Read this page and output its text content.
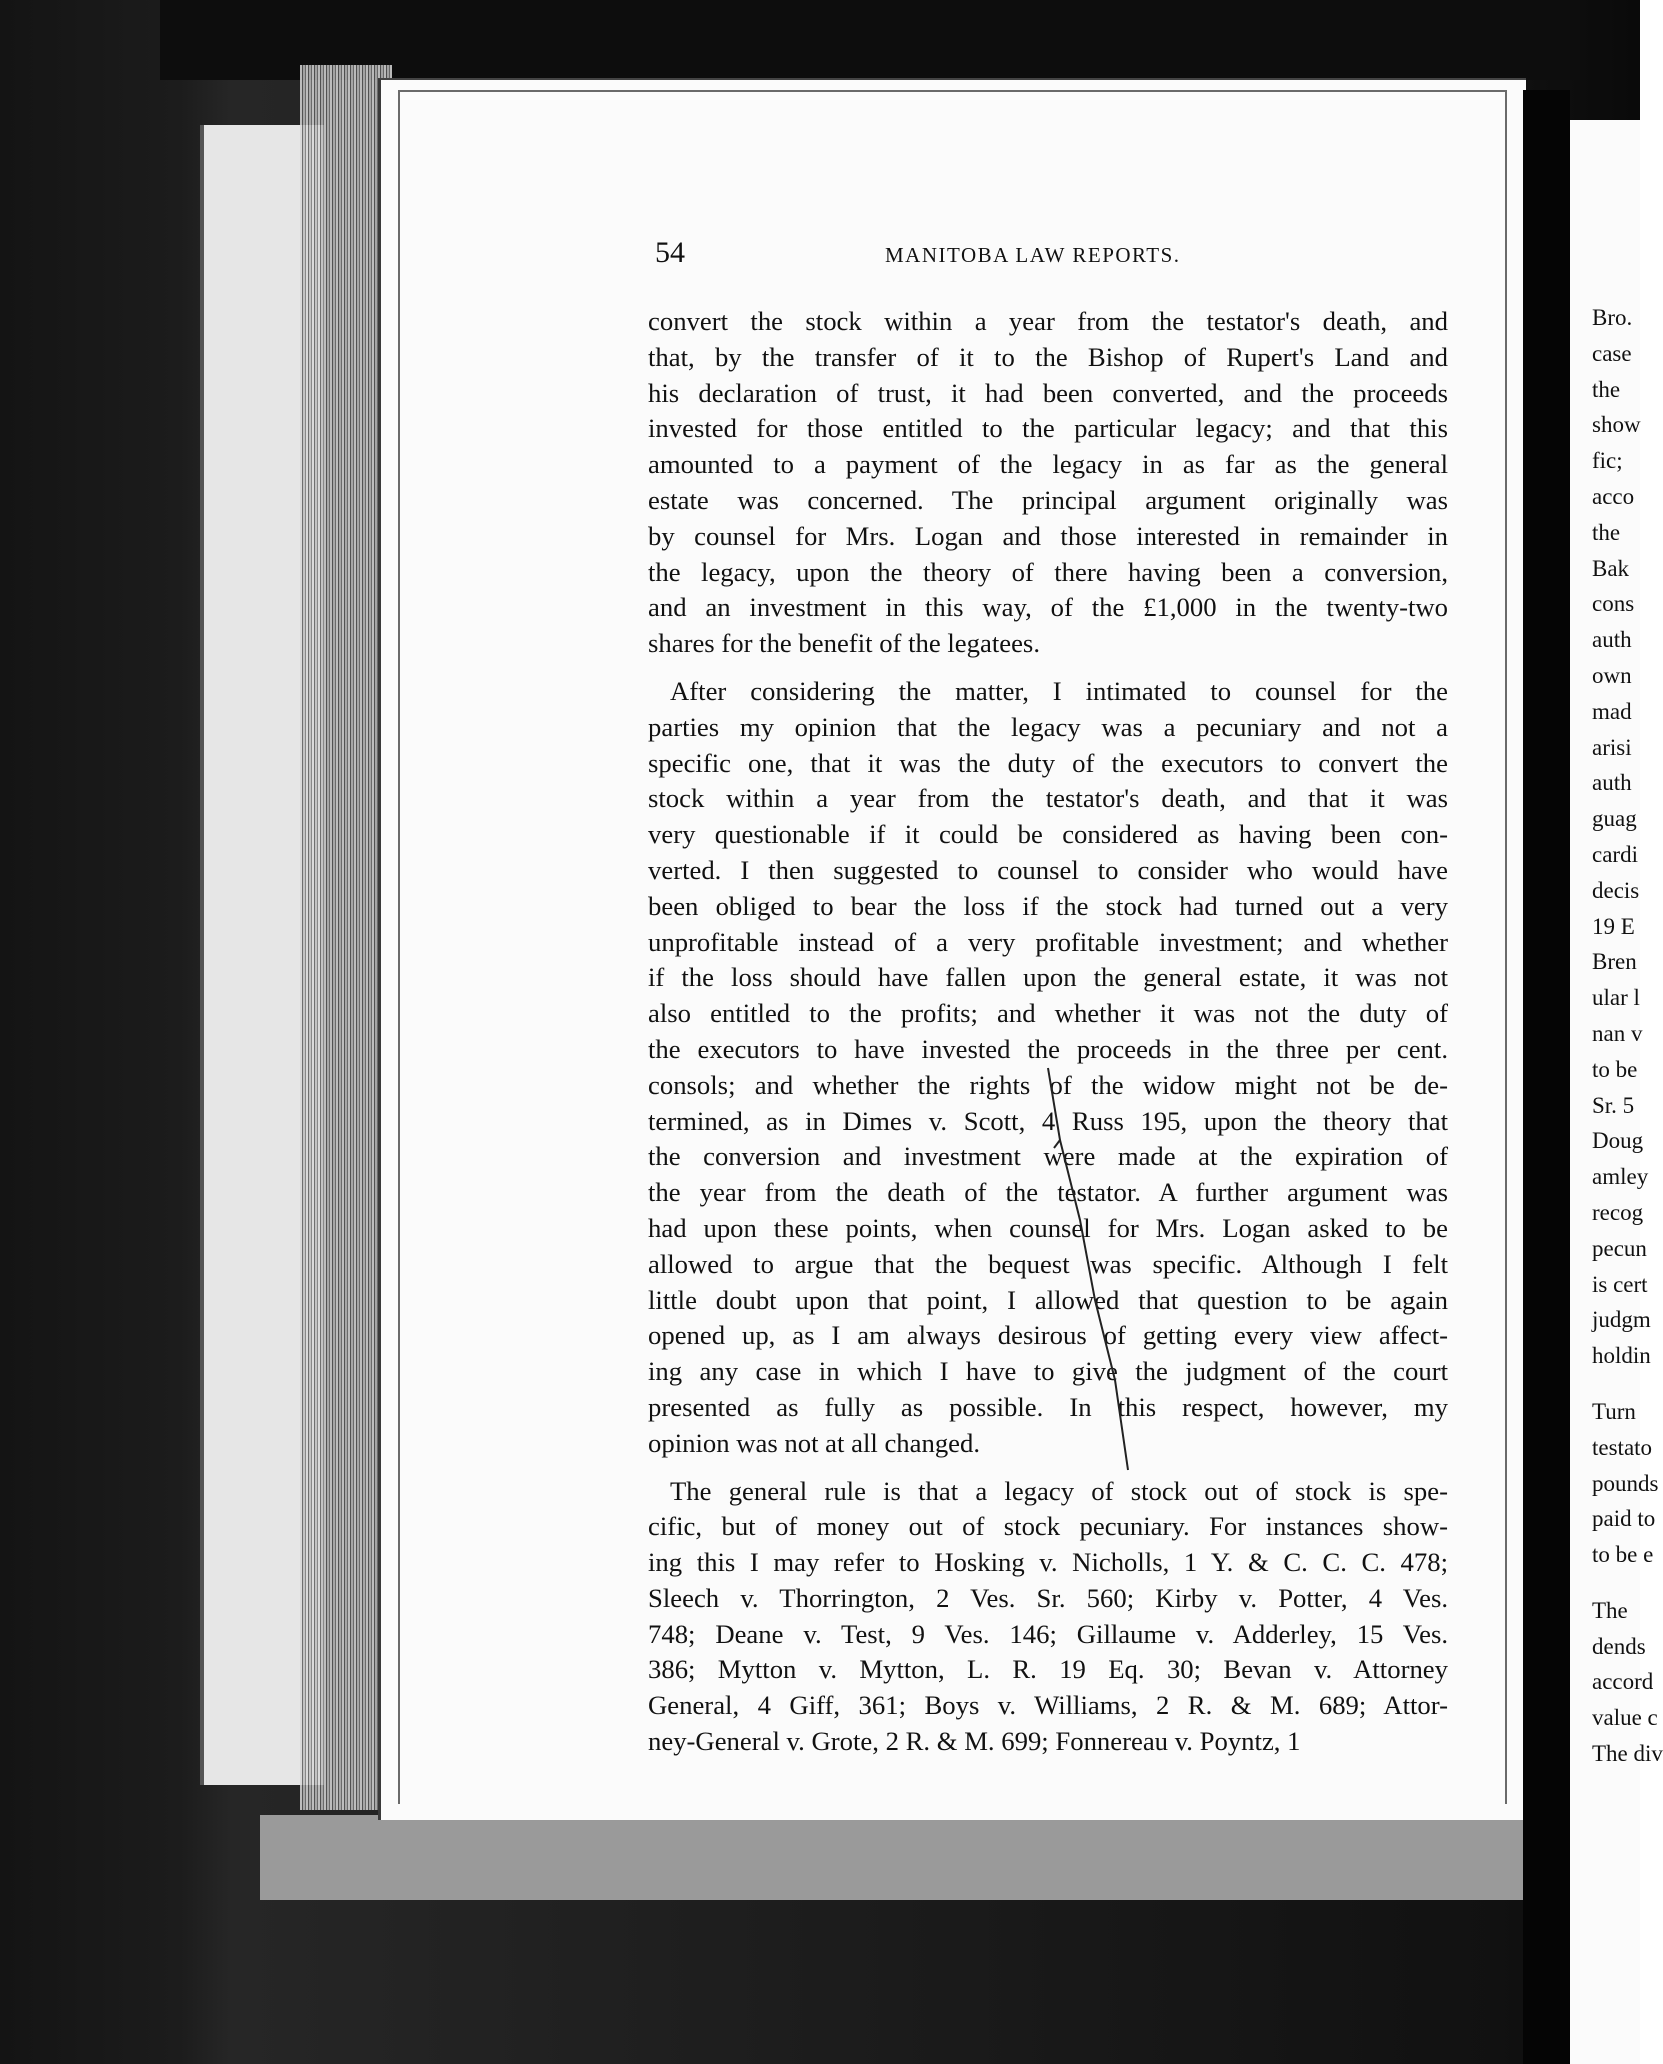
54	MANITOBA LAW REPORTS.
convert the stock within a year from the testator's death, and
that, by the transfer of it to the Bishop of Rupert's Land and
his declaration of trust, it had been converted, and the proceeds
invested for those entitled to the particular legacy; and that this
amounted to a payment of the legacy in as far as the general
estate was concerned. The principal argument originally was
by counsel for Mrs. Logan and those interested in remainder in
the legacy, upon the theory of there having been a conversion,
and an investment in this way, of the £1,000 in the twenty-two
shares for the benefit of the legatees.
After considering the matter, I intimated to counsel for the
parties my opinion that the legacy was a pecuniary and not a
specific one, that it was the duty of the executors to convert the
stock within a year from the testator's death, and that it was
very questionable if it could be considered as having been con-
verted. I then suggested to counsel to consider who would have
been obliged to bear the loss if the stock had turned out a very
unprofitable instead of a very profitable investment; and whether
if the loss should have fallen upon the general estate, it was not
also entitled to the profits; and whether it was not the duty of
the executors to have invested the proceeds in the three per cent.
consols; and whether the rights of the widow might not be de-
termined, as in Dimes v. Scott, 4 Russ 195, upon the theory that
the conversion and investment were made at the expiration of
the year from the death of the testator. A further argument was
had upon these points, when counsel for Mrs. Logan asked to be
allowed to argue that the bequest was specific. Although I felt
little doubt upon that point, I allowed that question to be again
opened up, as I am always desirous of getting every view affect-
ing any case in which I have to give the judgment of the court
presented as fully as possible. In this respect, however, my
opinion was not at all changed.
The general rule is that a legacy of stock out of stock is spe-
cific, but of money out of stock pecuniary. For instances show-
ing this I may refer to Hosking v. Nicholls, 1 Y. & C. C. C. 478;
Sleech v. Thorrington, 2 Ves. Sr. 560; Kirby v. Potter, 4 Ves.
748; Deane v. Test, 9 Ves. 146; Gillaume v. Adderley, 15 Ves.
386; Mytton v. Mytton, L. R. 19 Eq. 30; Bevan v. Attorney
General, 4 Giff, 361; Boys v. Williams, 2 R. & M. 689; Attor-
ney-General v. Grote, 2 R. & M. 699; Fonnereau v. Poyntz, 1
Bro.
case
the
show
fic;
acco
the
Bak
cons
auth
own
mad
arisi
auth
guag
cardi
decis
19 E
Bren
ular l
nan v
to be
Sr. 5
Doug
amley
recog
pecun
is cert
judgm
holdin
Turn
testato
pounds
paid to
to be e
The
dends
accord
value c
The div
